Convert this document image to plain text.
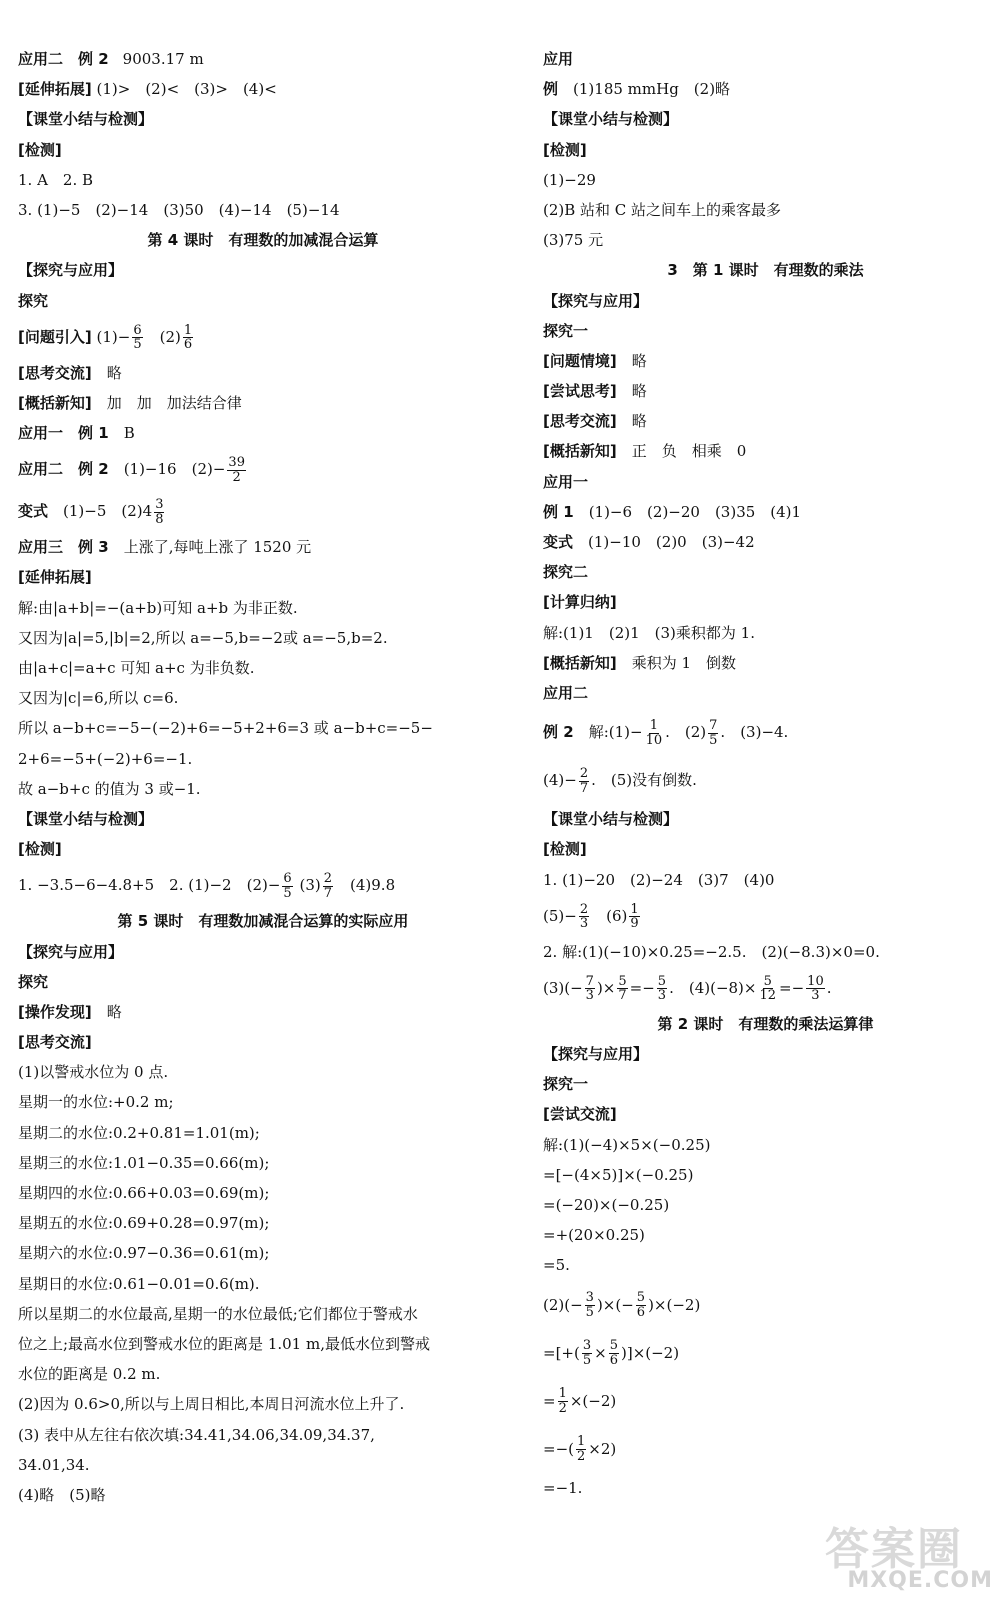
应用二　例 2 9003.17 m
[延伸拓展] (1)>　(2)<　(3)>　(4)<
【课堂小结与检测】
[检测]
1. A　2. B
3. (1)−5　(2)−14　(3)50　(4)−14　(5)−14
第 4 课时　有理数的加减混合运算
【探究与应用】
探究
[问题引入] $(1)- \frac{6}{5}$
　 $(2) \frac{1}{6}$
[思考交流]　 略
[概括新知]　 加　加　加法结合律
应用一　例 1　 B
应用二　例 2　 (1)−16　$(2)- \frac{39}{2}$
变式　 (1)−5　$(2)4 \frac{3}{8}$
应用三　例 3　 上涨了,每吨上涨了 1520 元
[延伸拓展]
解:由|a+b|=−(a+b)可知 a+b 为非正数.
又因为|a|=5,|b|=2,所以 a=−5,b=−2或 a=−5,b=2.
由|a+c|=a+c 可知 a+c 为非负数.
又因为|c|=6,所以 c=6.
所以 a−b+c=−5−(−2)+6=−5+2+6=3 或 a−b+c=−5−
2+6=−5+(−2)+6=−1.
故 a−b+c 的值为 3 或−1.
【课堂小结与检测】
[检测]
1. −3.5−6−4.8+5　2. (1)−2　$(2)- \frac{6}{5} (3) \frac{2}{7}$
　 (4)9.8
第 5 课时　有理数加减混合运算的实际应用
【探究与应用】
探究
[操作发现]　 略
[思考交流]
(1)以警戒水位为 0 点.
星期一的水位:+0.2 m;
星期二的水位:0.2+0.81=1.01(m);
星期三的水位:1.01−0.35=0.66(m);
星期四的水位:0.66+0.03=0.69(m);
星期五的水位:0.69+0.28=0.97(m);
星期六的水位:0.97−0.36=0.61(m);
星期日的水位:0.61−0.01=0.6(m).
所以星期二的水位最高,星期一的水位最低;它们都位于警戒水
位之上;最高水位到警戒水位的距离是 1.01 m,最低水位到警戒
水位的距离是 0.2 m.
(2)因为 0.6>0,所以与上周日相比,本周日河流水位上升了.
(3) 表中从左往右依次填:34.41,34.06,34.09,34.37,
34.01,34.
(4)略　(5)略
应用
例　 (1)185 mmHg　(2)略
【课堂小结与检测】
[检测]
(1)−29
(2)B 站和 C 站之间车上的乘客最多
(3)75 元
3　第 1 课时　有理数的乘法
【探究与应用】
探究一
[问题情境]　 略
[尝试思考]　 略
[思考交流]　 略
[概括新知]　 正　负　相乘　0
应用一
例 1　 (1)−6　(2)−20　(3)35　(4)1
变式　 (1)−10　(2)0　(3)−42
探究二
[计算归纳]
解:(1)1　(2)1　(3)乘积都为 1.
[概括新知]　 乘积为 1　倒数
应用二
例 2　 解:(1)− $\frac{1}{10}$ .　$(2) \frac{7}{5}$ .　(3)−4.
$(4)- \frac{2}{7}$ .　(5)没有倒数.
【课堂小结与检测】
[检测]
1. (1)−20　(2)−24　(3)7　(4)0
$(5)- \frac{2}{3}$
　 $(6) \frac{1}{9}$
2. 解:(1)(−10)×0.25=−2.5.　(2)(−8.3)×0=0.
$(3)(- \frac{7}{3}$ )× $\frac{5}{7} =- \frac{5}{3}$ .　$(4)(-8)\times \frac{5}{12} =- \frac{10}{3}$ .
第 2 课时　有理数的乘法运算律
【探究与应用】
探究一
[尝试交流]
解:(1)(−4)×5×(−0.25)
=[−(4×5)]×(−0.25)
=(−20)×(−0.25)
=+(20×0.25)
=5.
$(2)(- \frac{3}{5}$ )×(− $\frac{5}{6} )\times(-2)$
=[+( $\frac{3}{5} \times \frac{5}{6} )]\times(-2)$
= $\frac{1}{2} \times(-2)$
=−( $\frac{1}{2} \times 2$)
=−1.
答案圈
MXQE.COM
